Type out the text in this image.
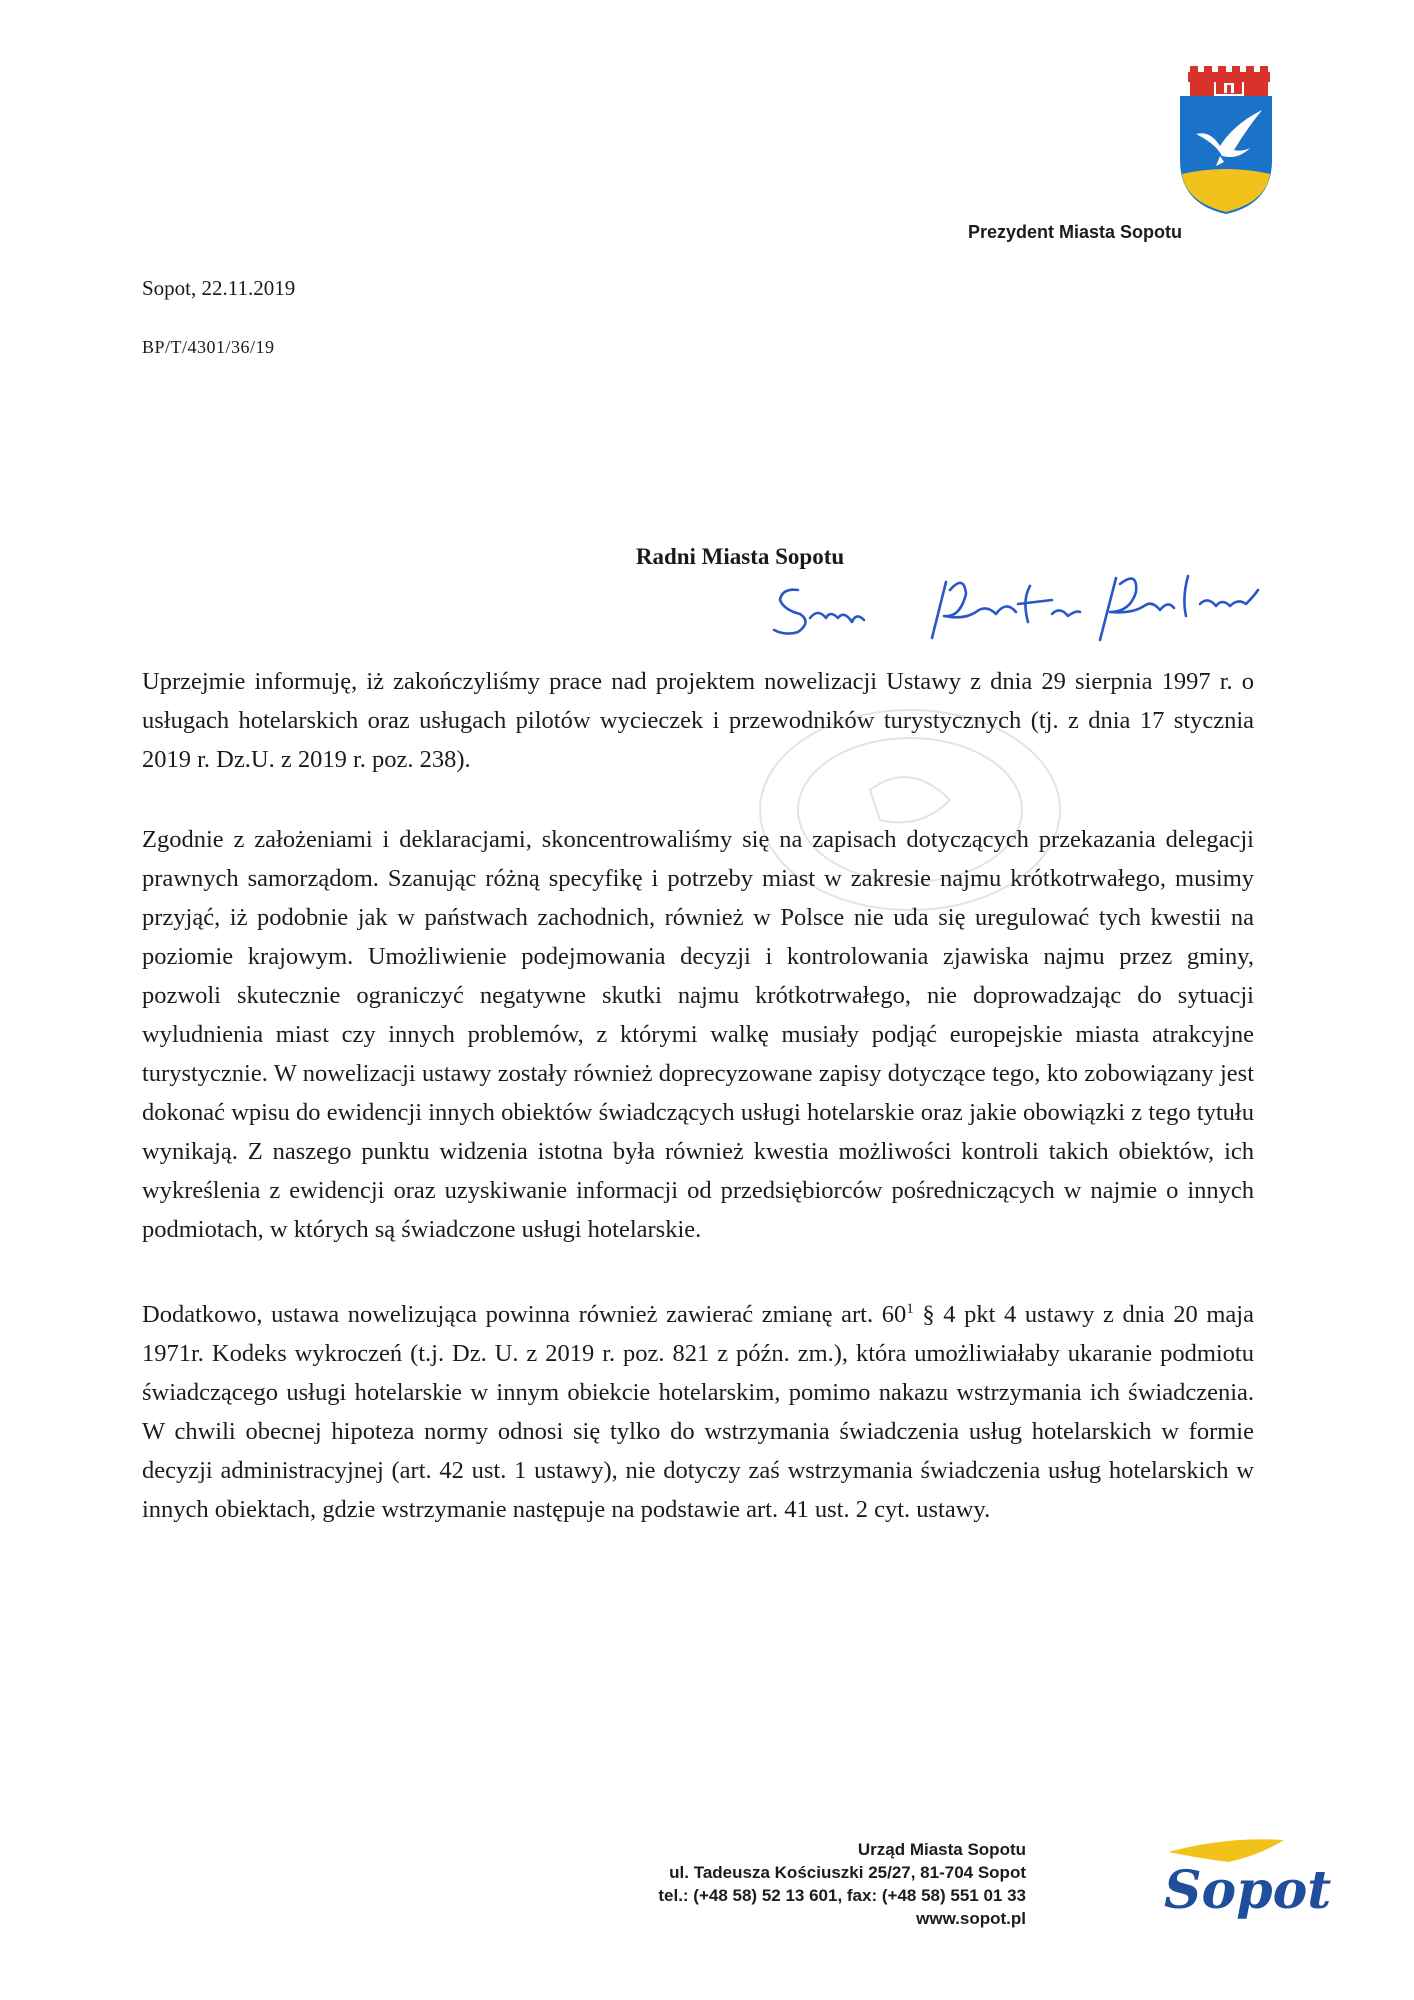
Prezydent Miasta Sopotu
Sopot, 22.11.2019
BP/T/4301/36/19
Radni Miasta Sopotu

Uprzejmie informuję, iż zakończyliśmy prace nad projektem nowelizacji Ustawy z dnia 29 sierpnia 1997 r. o usługach hotelarskich oraz usługach pilotów wycieczek i przewodników turystycznych (tj. z dnia 17 stycznia 2019 r. Dz.U. z 2019 r. poz. 238).

Zgodnie z założeniami i deklaracjami, skoncentrowaliśmy się na zapisach dotyczących przekazania delegacji prawnych samorządom. Szanując różną specyfikę i potrzeby miast w zakresie najmu krótkotrwałego, musimy przyjąć, iż podobnie jak w państwach zachodnich, również w Polsce nie uda się uregulować tych kwestii na poziomie krajowym. Umożliwienie podejmowania decyzji i kontrolowania zjawiska najmu przez gminy, pozwoli skutecznie ograniczyć negatywne skutki najmu krótkotrwałego, nie doprowadzając do sytuacji wyludnienia miast czy innych problemów, z którymi walkę musiały podjąć europejskie miasta atrakcyjne turystycznie. W nowelizacji ustawy zostały również doprecyzowane zapisy dotyczące tego, kto zobowiązany jest dokonać wpisu do ewidencji innych obiektów świadczących usługi hotelarskie oraz jakie obowiązki z tego tytułu wynikają. Z naszego punktu widzenia istotna była również kwestia możliwości kontroli takich obiektów, ich wykreślenia z ewidencji oraz uzyskiwanie informacji od przedsiębiorców pośredniczących w najmie o innych podmiotach, w których są świadczone usługi hotelarskie.

Dodatkowo, ustawa nowelizująca powinna również zawierać zmianę art. $60^1$ § 4 pkt 4 ustawy z dnia 20 maja 1971r. Kodeks wykroczeń (t.j. Dz. U. z 2019 r. poz. 821 z późn. zm.), która umożliwiałaby ukaranie podmiotu świadczącego usługi hotelarskie w innym obiekcie hotelarskim, pomimo nakazu wstrzymania ich świadczenia. W chwili obecnej hipoteza normy odnosi się tylko do wstrzymania świadczenia usług hotelarskich w formie decyzji administracyjnej (art. 42 ust. 1 ustawy), nie dotyczy zaś wstrzymania świadczenia usług hotelarskich w innych obiektach, gdzie wstrzymanie następuje na podstawie art. 41 ust. 2 cyt. ustawy.

Urząd Miasta Sopotu
ul. Tadeusza Kościuszki 25/27, 81-704 Sopot
tel.: (+48 58) 52 13 601, fax: (+48 58) 551 01 33
www.sopot.pl	Sopot
